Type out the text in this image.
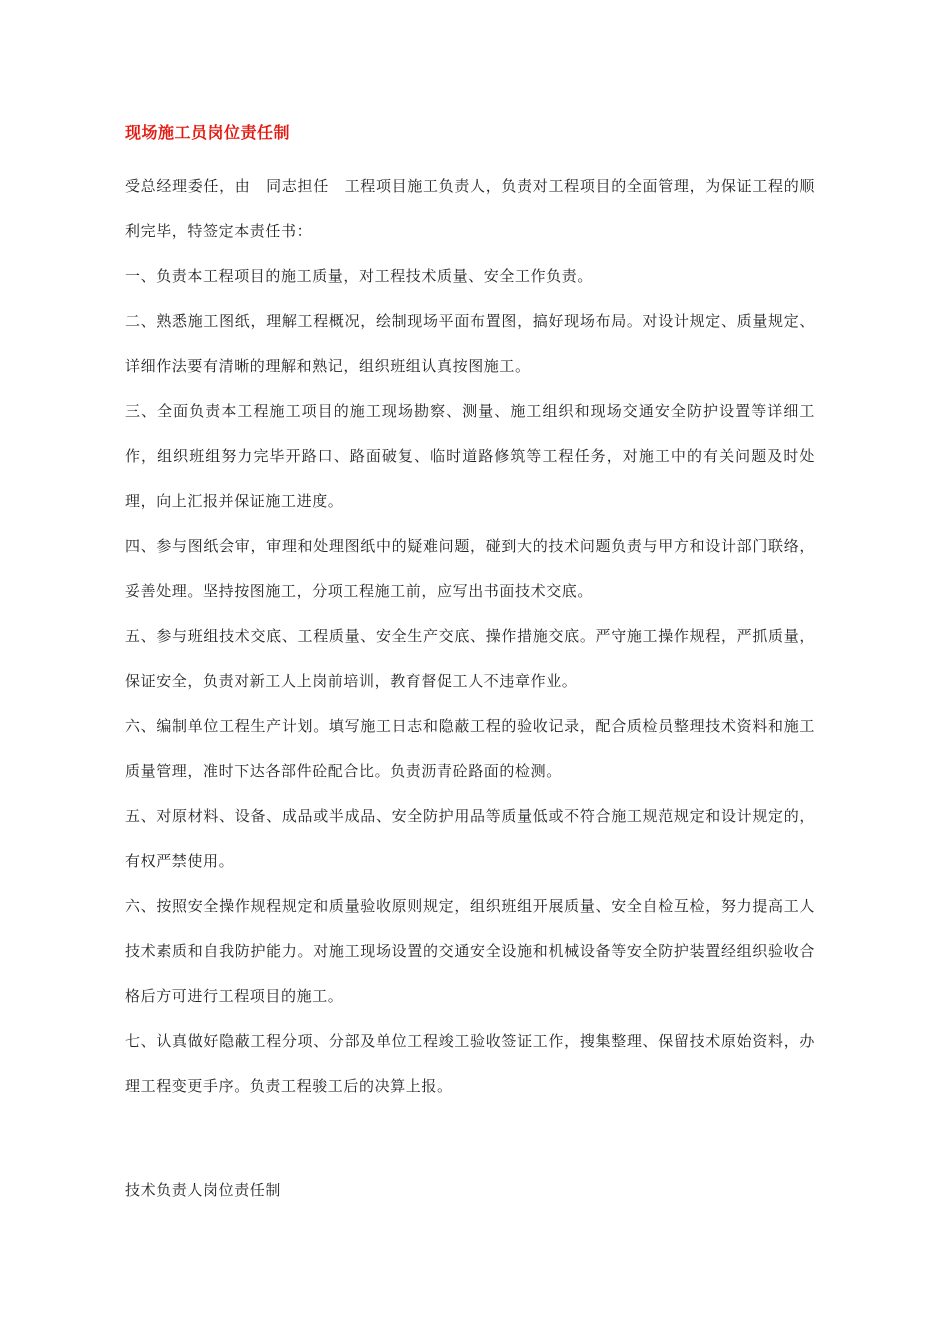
现场施工员岗位责任制

受总经理委任，由　同志担任　工程项目施工负责人，负责对工程项目的全面管理，为保证工程的顺利完毕，特签定本责任书：

一、负责本工程项目的施工质量，对工程技术质量、安全工作负责。

二、熟悉施工图纸，理解工程概况，绘制现场平面布置图，搞好现场布局。对设计规定、质量规定、详细作法要有清晰的理解和熟记，组织班组认真按图施工。

三、全面负责本工程施工项目的施工现场勘察、测量、施工组织和现场交通安全防护设置等详细工作，组织班组努力完毕开路口、路面破复、临时道路修筑等工程任务，对施工中的有关问题及时处理，向上汇报并保证施工进度。

四、参与图纸会审，审理和处理图纸中的疑难问题，碰到大的技术问题负责与甲方和设计部门联络，妥善处理。坚持按图施工，分项工程施工前，应写出书面技术交底。

五、参与班组技术交底、工程质量、安全生产交底、操作措施交底。严守施工操作规程，严抓质量，保证安全，负责对新工人上岗前培训，教育督促工人不违章作业。

六、编制单位工程生产计划。填写施工日志和隐蔽工程的验收记录，配合质检员整理技术资料和施工质量管理，准时下达各部件砼配合比。负责沥青砼路面的检测。

五、对原材料、设备、成品或半成品、安全防护用品等质量低或不符合施工规范规定和设计规定的，有权严禁使用。

六、按照安全操作规程规定和质量验收原则规定，组织班组开展质量、安全自检互检，努力提高工人技术素质和自我防护能力。对施工现场设置的交通安全设施和机械设备等安全防护装置经组织验收合格后方可进行工程项目的施工。

七、认真做好隐蔽工程分项、分部及单位工程竣工验收签证工作，搜集整理、保留技术原始资料，办理工程变更手序。负责工程骏工后的决算上报。

技术负责人岗位责任制
